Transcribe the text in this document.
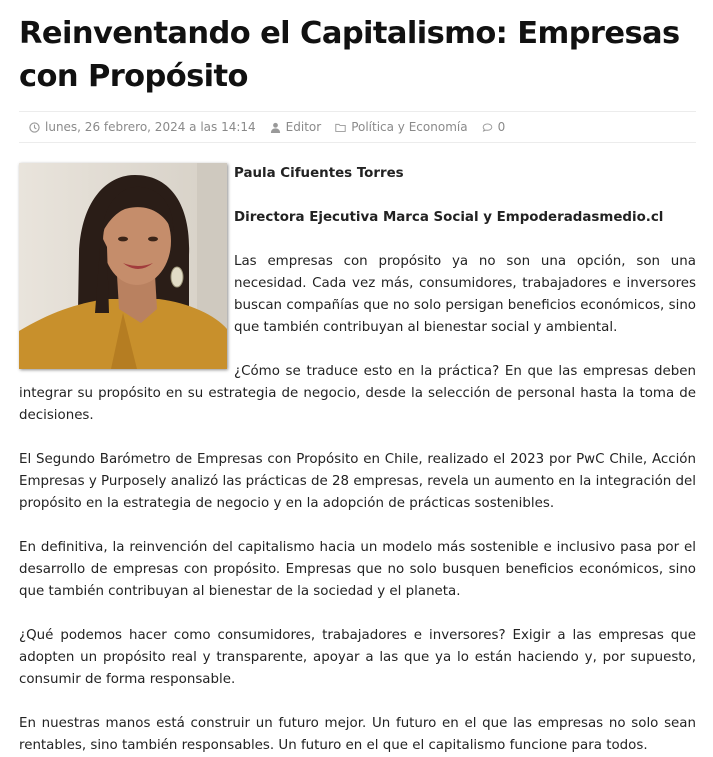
Reinventando el Capitalismo: Empresas con Propósito
lunes, 26 febrero, 2024 a las 14:14	Editor	Política y Economía	0

Paula Cifuentes Torres

Directora Ejecutiva Marca Social y Empoderadasmedio.cl

Las empresas con propósito ya no son una opción, son una necesidad. Cada vez más, consumidores, trabajadores e inversores buscan compañías que no solo persigan beneficios económicos, sino que también contribuyan al bienestar social y ambiental.

¿Cómo se traduce esto en la práctica? En que las empresas deben integrar su propósito en su estrategia de negocio, desde la selección de personal hasta la toma de decisiones.

El Segundo Barómetro de Empresas con Propósito en Chile, realizado el 2023 por PwC Chile, Acción Empresas y Purposely analizó las prácticas de 28 empresas, revela un aumento en la integración del propósito en la estrategia de negocio y en la adopción de prácticas sostenibles.

En definitiva, la reinvención del capitalismo hacia un modelo más sostenible e inclusivo pasa por el desarrollo de empresas con propósito. Empresas que no solo busquen beneficios económicos, sino que también contribuyan al bienestar de la sociedad y el planeta.

¿Qué podemos hacer como consumidores, trabajadores e inversores? Exigir a las empresas que adopten un propósito real y transparente, apoyar a las que ya lo están haciendo y, por supuesto, consumir de forma responsable.

En nuestras manos está construir un futuro mejor. Un futuro en el que las empresas no solo sean rentables, sino también responsables. Un futuro en el que el capitalismo funcione para todos.
